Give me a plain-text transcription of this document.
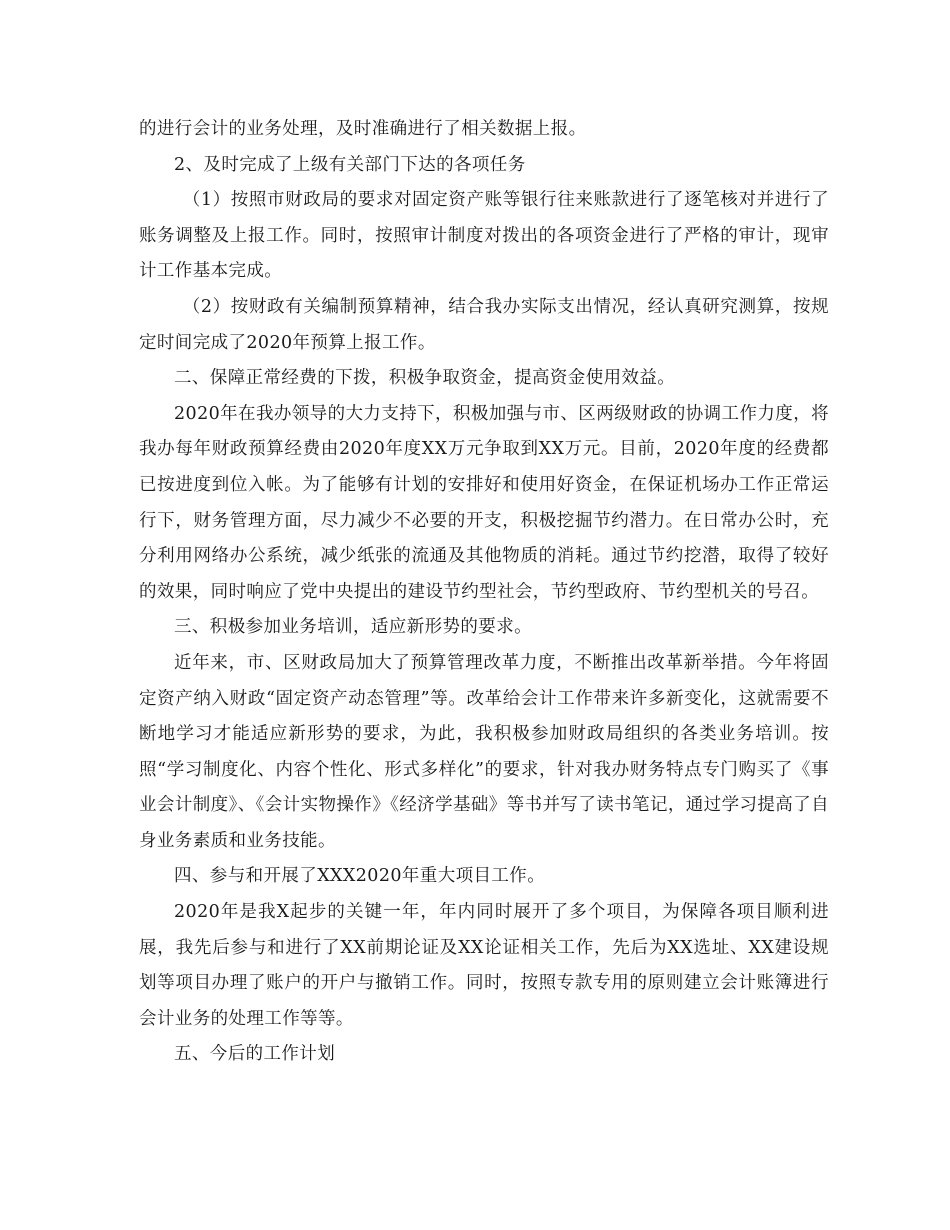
的进行会计的业务处理，及时准确进行了相关数据上报。

2、及时完成了上级有关部门下达的各项任务

（1）按照市财政局的要求对固定资产账等银行往来账款进行了逐笔核对并进行了账务调整及上报工作。同时，按照审计制度对拨出的各项资金进行了严格的审计，现审计工作基本完成。

（2）按财政有关编制预算精神，结合我办实际支出情况，经认真研究测算，按规定时间完成了2020年预算上报工作。

二、保障正常经费的下拨，积极争取资金，提高资金使用效益。

2020年在我办领导的大力支持下，积极加强与市、区两级财政的协调工作力度，将我办每年财政预算经费由2020年度XX万元争取到XX万元。目前，2020年度的经费都已按进度到位入帐。为了能够有计划的安排好和使用好资金，在保证机场办工作正常运行下，财务管理方面，尽力减少不必要的开支，积极挖掘节约潜力。在日常办公时，充分利用网络办公系统，减少纸张的流通及其他物质的消耗。通过节约挖潜，取得了较好的效果，同时响应了党中央提出的建设节约型社会，节约型政府、节约型机关的号召。

三、积极参加业务培训，适应新形势的要求。

近年来，市、区财政局加大了预算管理改革力度，不断推出改革新举措。今年将固定资产纳入财政“固定资产动态管理”等。改革给会计工作带来许多新变化，这就需要不断地学习才能适应新形势的要求，为此，我积极参加财政局组织的各类业务培训。按照“学习制度化、内容个性化、形式多样化”的要求，针对我办财务特点专门购买了《事业会计制度》、《会计实物操作》《经济学基础》等书并写了读书笔记，通过学习提高了自身业务素质和业务技能。

四、参与和开展了XXX2020年重大项目工作。

2020年是我X起步的关键一年，年内同时展开了多个项目，为保障各项目顺利进展，我先后参与和进行了XX前期论证及XX论证相关工作，先后为XX选址、XX建设规划等项目办理了账户的开户与撤销工作。同时，按照专款专用的原则建立会计账簿进行会计业务的处理工作等等。

五、今后的工作计划
